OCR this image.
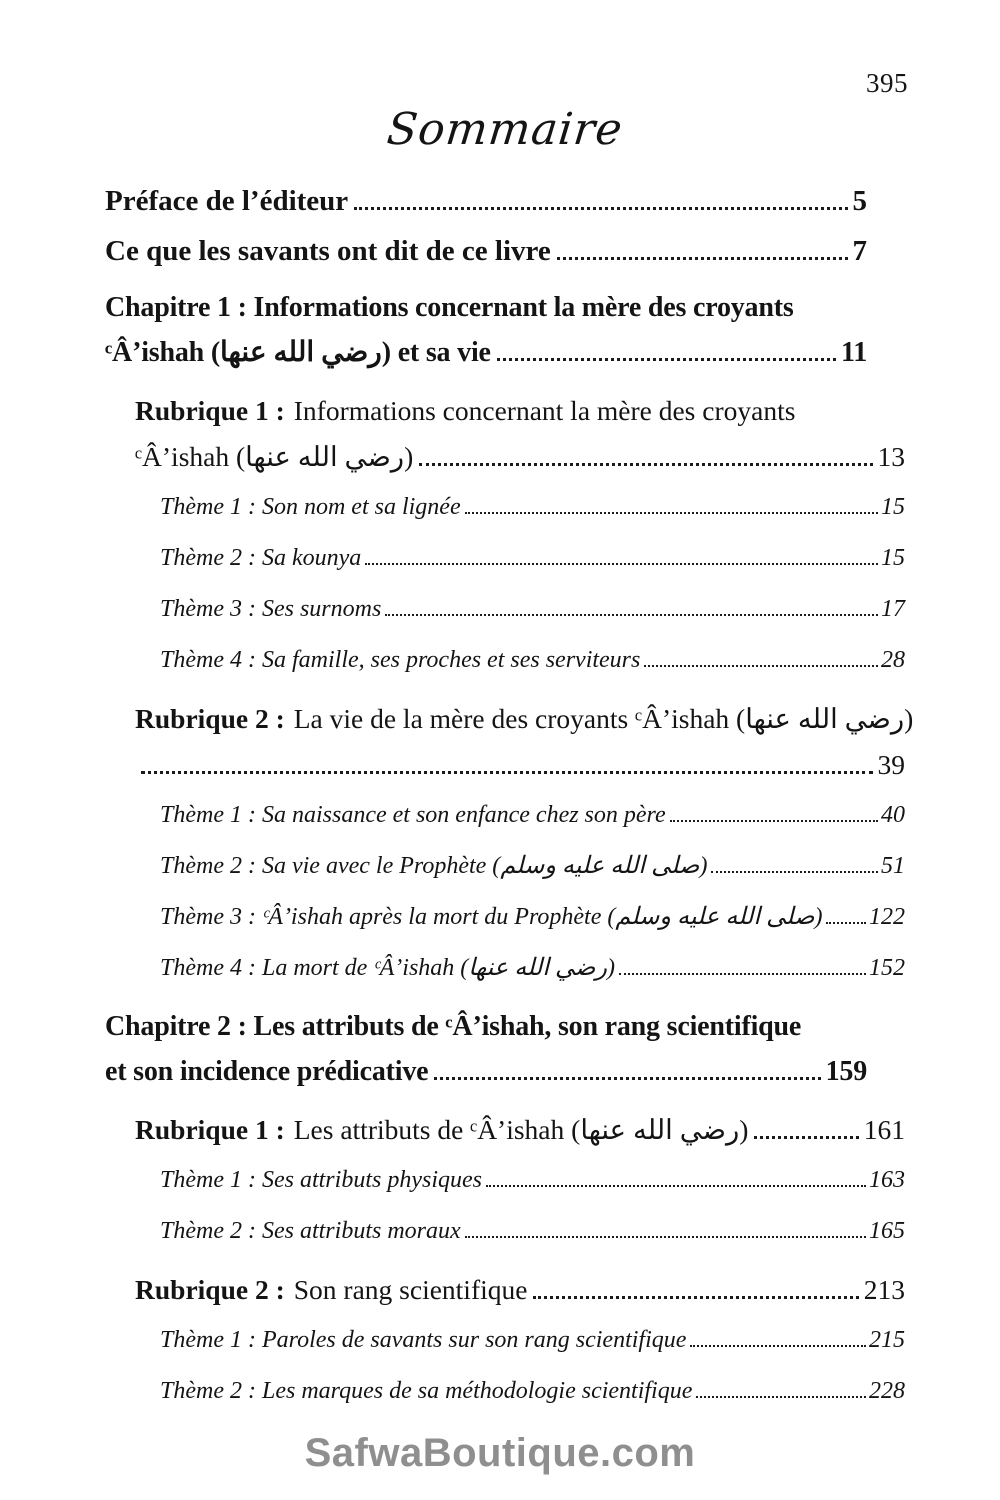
395
Sommaire
Préface de l’éditeur	5
Ce que les savants ont dit de ce livre	7
Chapitre 1 : Informations concernant la mère des croyants
ᶜÂ’ishah (رضي الله عنها) et sa vie	11
Rubrique 1 : Informations concernant la mère des croyants
ᶜÂ’ishah (رضي الله عنها)	13
Thème 1 : Son nom et sa lignée	15
Thème 2 : Sa kounya	15
Thème 3 : Ses surnoms	17
Thème 4 : Sa famille, ses proches et ses serviteurs	28
Rubrique 2 : La vie de la mère des croyants ᶜÂ’ishah (رضي الله عنها)
39
Thème 1 : Sa naissance et son enfance chez son père	40
Thème 2 : Sa vie avec le Prophète (صلى الله عليه وسلم)	51
Thème 3 : ᶜÂ’ishah après la mort du Prophète (صلى الله عليه وسلم) 122
Thème 4 : La mort de ᶜÂ’ishah (رضي الله عنها)	152
Chapitre 2 : Les attributs de ᶜÂ’ishah, son rang scientifique
et son incidence prédicative	159
Rubrique 1 : Les attributs de ᶜÂ’ishah (رضي الله عنها)	161
Thème 1 : Ses attributs physiques	163
Thème 2 : Ses attributs moraux	165
Rubrique 2 : Son rang scientifique	213
Thème 1 : Paroles de savants sur son rang scientifique	215
Thème 2 : Les marques de sa méthodologie scientifique	228
SafwaBoutique.com
